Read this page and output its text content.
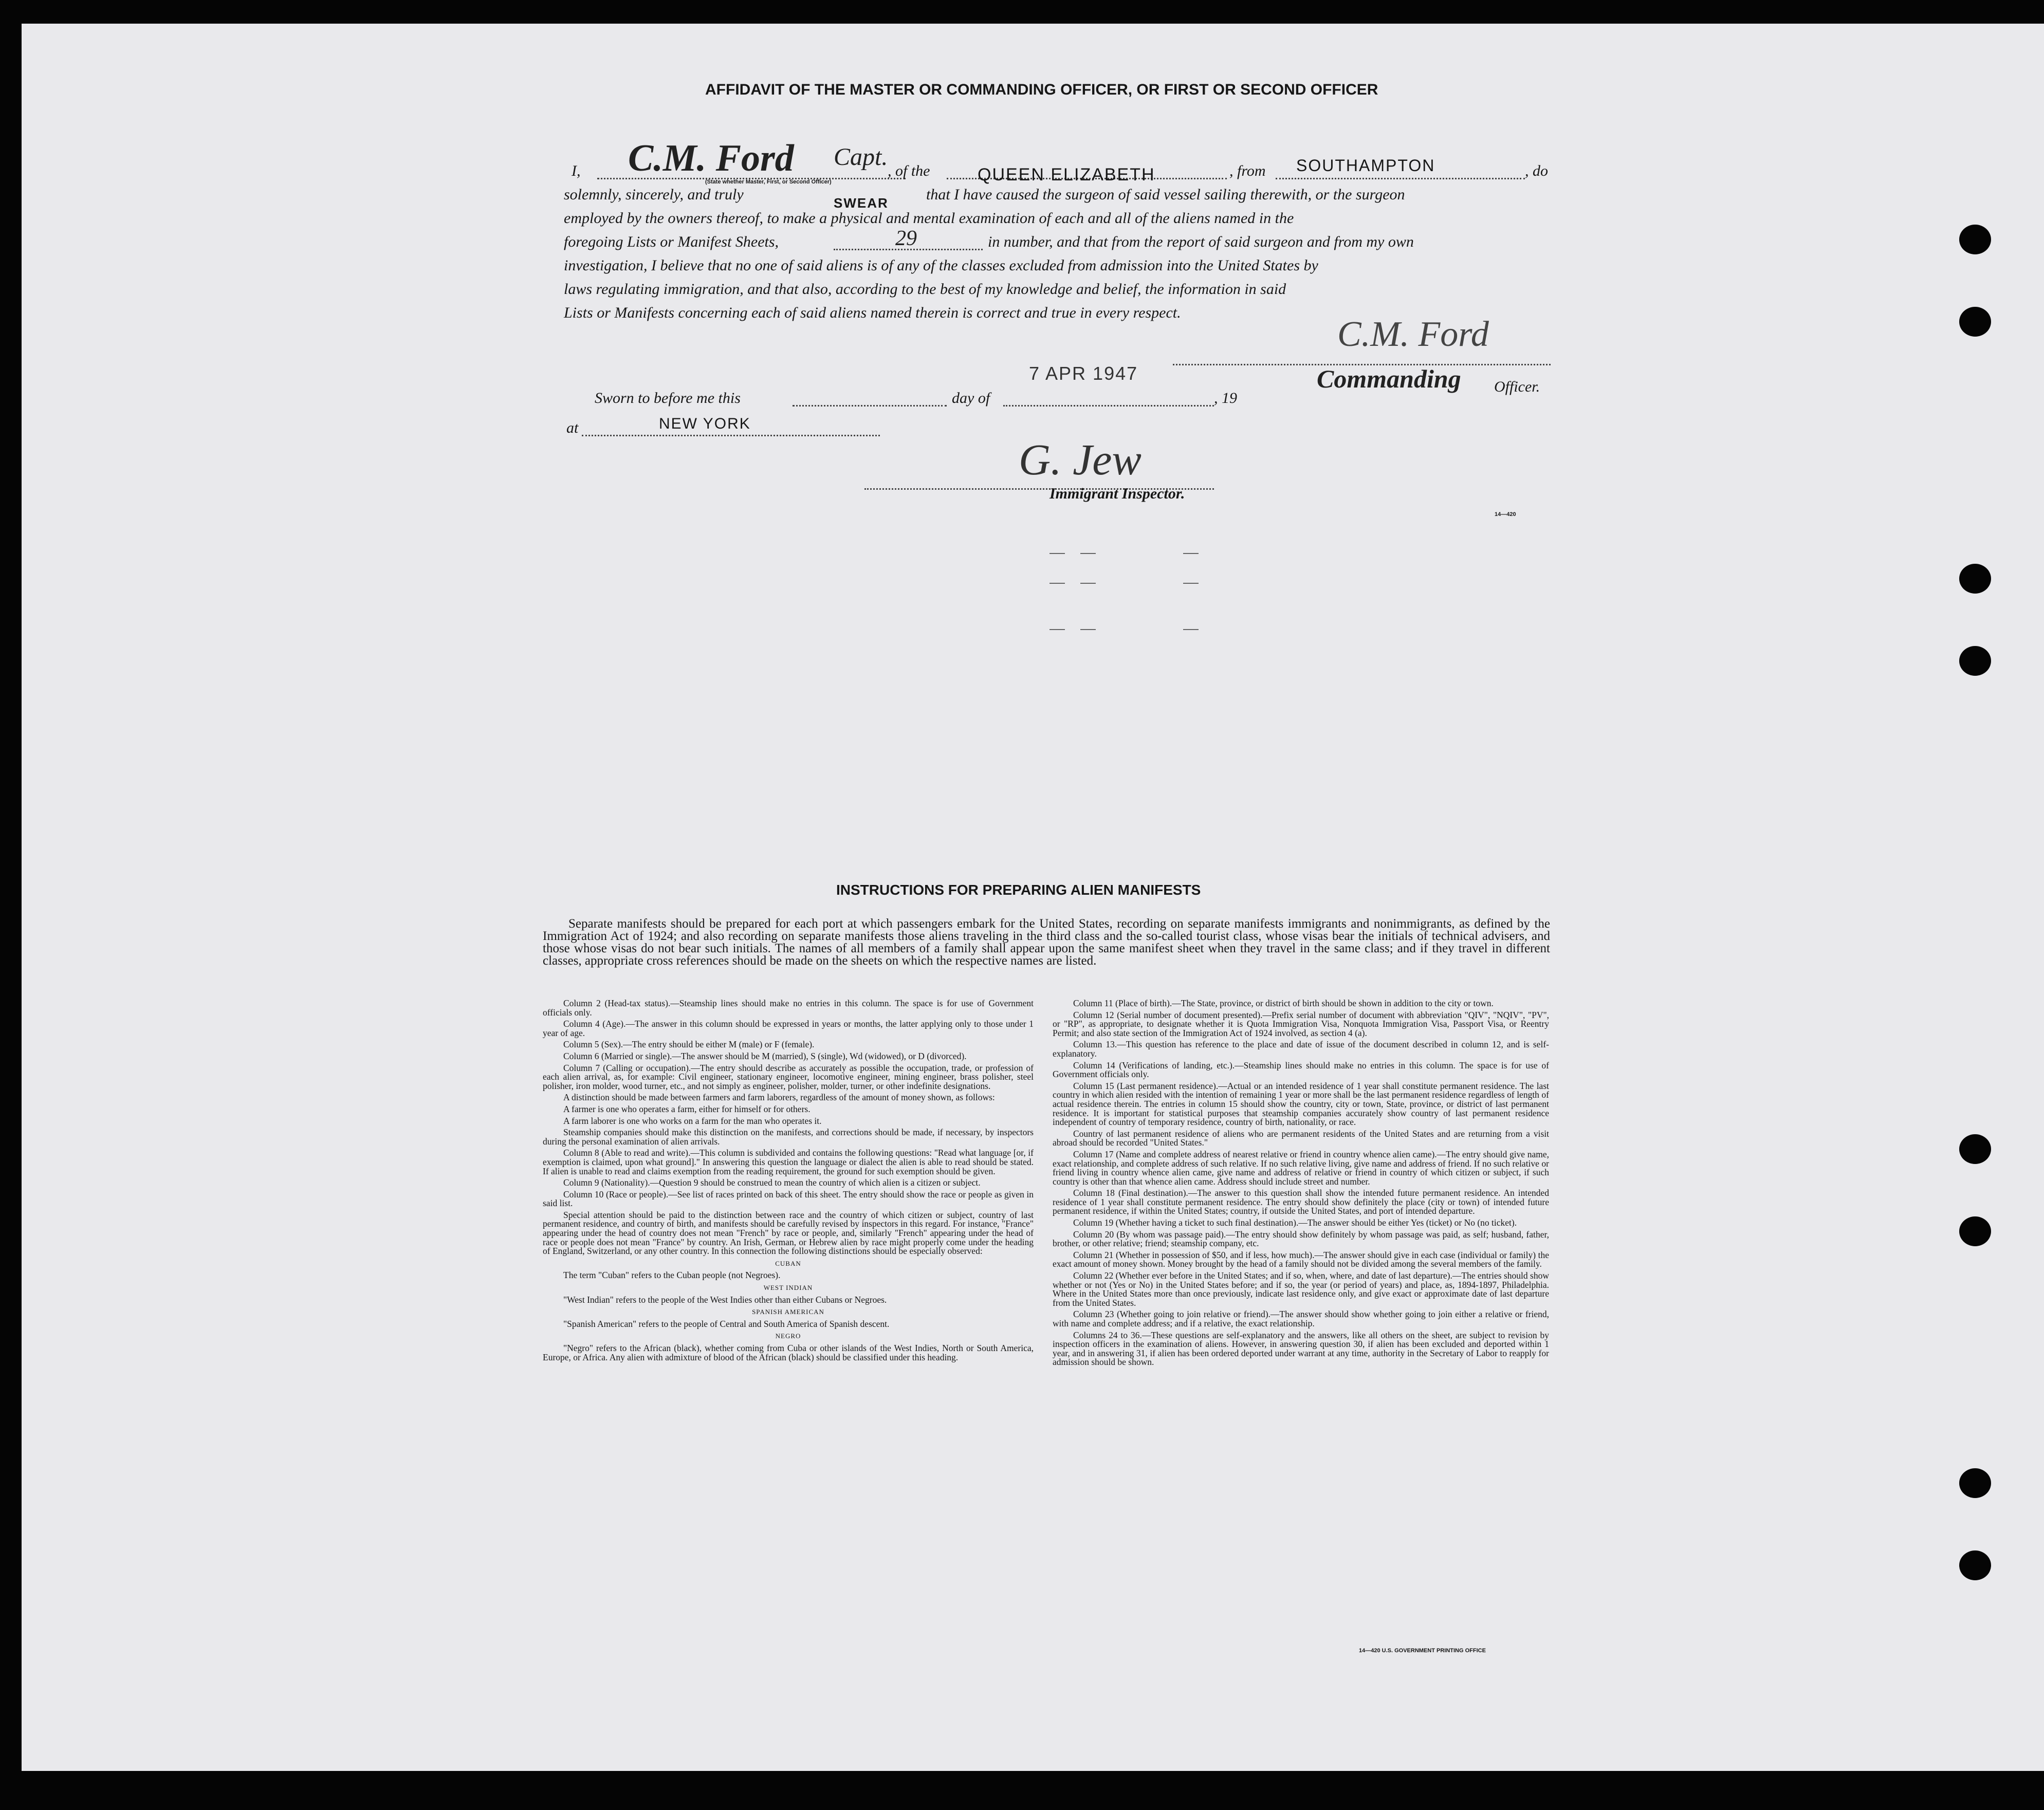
AFFIDAVIT OF THE MASTER OR COMMANDING OFFICER, OR FIRST OR SECOND OFFICER
I, C.M. Ford Capt.
(State whether Master, First, or Second Officer)
, of the	QUEEN ELIZABETH	, from SOUTHAMPTON	, do
solemnly, sincerely, and truly	SWEAR that I have caused the surgeon of said vessel sailing therewith, or the surgeon
employed by the owners thereof, to make a physical and mental examination of each and all of the aliens named in the
foregoing Lists or Manifest Sheets,	29	in number, and that from the report of said surgeon and from my own
investigation, I believe that no one of said aliens is of any of the classes excluded from admission into the United States by
laws regulating immigration, and that also, according to the best of my knowledge and belief, the information in said
Lists or Manifests concerning each of said aliens named therein is correct and true in every respect.
C.M. Ford
Commanding Officer.
Sworn to before me this	day of
7 APR 1947
, 19
at	NEW YORK
G. Jew
Immigrant Inspector.
14—420
INSTRUCTIONS FOR PREPARING ALIEN MANIFESTS
Separate manifests should be prepared for each port at which passengers embark for the United States, recording on separate manifests immigrants and nonimmigrants, as defined by the Immigration Act of 1924; and also recording on separate manifests those aliens traveling in the third class and the so-called tourist class, whose visas bear the initials of technical advisers, and those whose visas do not bear such initials. The names of all members of a family shall appear upon the same manifest sheet when they travel in the same class; and if they travel in different classes, appropriate cross references should be made on the sheets on which the respective names are listed.

Column 2 (Head-tax status).—Steamship lines should make no entries in this column. The space is for use of Government officials only.

Column 4 (Age).—The answer in this column should be expressed in years or months, the latter applying only to those under 1 year of age.

Column 5 (Sex).—The entry should be either M (male) or F (female).

Column 6 (Married or single).—The answer should be M (married), S (single), Wd (widowed), or D (divorced).

Column 7 (Calling or occupation).—The entry should describe as accurately as possible the occupation, trade, or profession of each alien arrival, as, for example: Civil engineer, stationary engineer, locomotive engineer, mining engineer, brass polisher, steel polisher, iron molder, wood turner, etc., and not simply as engineer, polisher, molder, turner, or other indefinite designations.

A distinction should be made between farmers and farm laborers, regardless of the amount of money shown, as follows:

A farmer is one who operates a farm, either for himself or for others.

A farm laborer is one who works on a farm for the man who operates it.

Steamship companies should make this distinction on the manifests, and corrections should be made, if necessary, by inspectors during the personal examination of alien arrivals.

Column 8 (Able to read and write).—This column is subdivided and contains the following questions: "Read what language [or, if exemption is claimed, upon what ground]." In answering this question the language or dialect the alien is able to read should be stated. If alien is unable to read and claims exemption from the reading requirement, the ground for such exemption should be given.

Column 9 (Nationality).—Question 9 should be construed to mean the country of which alien is a citizen or subject.

Column 10 (Race or people).—See list of races printed on back of this sheet. The entry should show the race or people as given in said list.

Special attention should be paid to the distinction between race and the country of which citizen or subject, country of last permanent residence, and country of birth, and manifests should be carefully revised by inspectors in this regard. For instance, "France" appearing under the head of country does not mean "French" by race or people, and, similarly "French" appearing under the head of race or people does not mean "France" by country. An Irish, German, or Hebrew alien by race might properly come under the heading of England, Switzerland, or any other country. In this connection the following distinctions should be especially observed:

CUBAN

The term "Cuban" refers to the Cuban people (not Negroes).

WEST INDIAN

"West Indian" refers to the people of the West Indies other than either Cubans or Negroes.

SPANISH AMERICAN

"Spanish American" refers to the people of Central and South America of Spanish descent.

NEGRO

"Negro" refers to the African (black), whether coming from Cuba or other islands of the West Indies, North or South America, Europe, or Africa. Any alien with admixture of blood of the African (black) should be classified under this heading.

Column 11 (Place of birth).—The State, province, or district of birth should be shown in addition to the city or town.

Column 12 (Serial number of document presented).—Prefix serial number of document with abbreviation "QIV", "NQIV", "PV", or "RP", as appropriate, to designate whether it is Quota Immigration Visa, Nonquota Immigration Visa, Passport Visa, or Reentry Permit; and also state section of the Immigration Act of 1924 involved, as section 4 (a).

Column 13.—This question has reference to the place and date of issue of the document described in column 12, and is self-explanatory.

Column 14 (Verifications of landing, etc.).—Steamship lines should make no entries in this column. The space is for use of Government officials only.

Column 15 (Last permanent residence).—Actual or an intended residence of 1 year shall constitute permanent residence. The last country in which alien resided with the intention of remaining 1 year or more shall be the last permanent residence regardless of length of actual residence therein. The entries in column 15 should show the country, city or town, State, province, or district of last permanent residence. It is important for statistical purposes that steamship companies accurately show country of last permanent residence independent of country of temporary residence, country of birth, nationality, or race.

Country of last permanent residence of aliens who are permanent residents of the United States and are returning from a visit abroad should be recorded "United States."

Column 17 (Name and complete address of nearest relative or friend in country whence alien came).—The entry should give name, exact relationship, and complete address of such relative. If no such relative living, give name and address of friend. If no such relative or friend living in country whence alien came, give name and address of relative or friend in country of which citizen or subject, if such country is other than that whence alien came. Address should include street and number.

Column 18 (Final destination).—The answer to this question shall show the intended future permanent residence. An intended residence of 1 year shall constitute permanent residence. The entry should show definitely the place (city or town) of intended future permanent residence, if within the United States; country, if outside the United States, and port of intended departure.

Column 19 (Whether having a ticket to such final destination).—The answer should be either Yes (ticket) or No (no ticket).

Column 20 (By whom was passage paid).—The entry should show definitely by whom passage was paid, as self; husband, father, brother, or other relative; friend; steamship company, etc.

Column 21 (Whether in possession of $50, and if less, how much).—The answer should give in each case (individual or family) the exact amount of money shown. Money brought by the head of a family should not be divided among the several members of the family.

Column 22 (Whether ever before in the United States; and if so, when, where, and date of last departure).—The entries should show whether or not (Yes or No) in the United States before; and if so, the year (or period of years) and place, as, 1894-1897, Philadelphia. Where in the United States more than once previously, indicate last residence only, and give exact or approximate date of last departure from the United States.

Column 23 (Whether going to join relative or friend).—The answer should show whether going to join either a relative or friend, with name and complete address; and if a relative, the exact relationship.

Columns 24 to 36.—These questions are self-explanatory and the answers, like all others on the sheet, are subject to revision by inspection officers in the examination of aliens. However, in answering question 30, if alien has been excluded and deported within 1 year, and in answering 31, if alien has been ordered deported under warrant at any time, authority in the Secretary of Labor to reapply for admission should be shown.

14—420 U.S. GOVERNMENT PRINTING OFFICE
